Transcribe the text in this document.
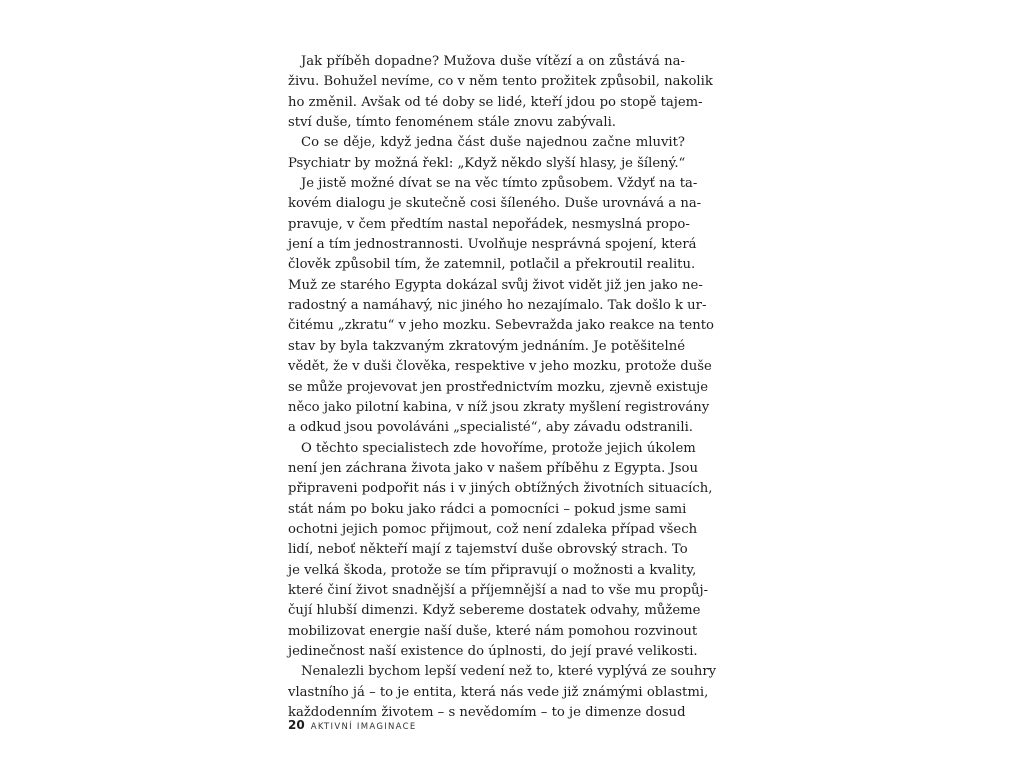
Jak příběh dopadne? Mužova duše vítězí a on zůstává na-
živu. Bohužel nevíme, co v něm tento prožitek způsobil, nakolik
ho změnil. Avšak od té doby se lidé, kteří jdou po stopě tajem-
ství duše, tímto fenoménem stále znovu zabývali.
Co se děje, když jedna část duše najednou začne mluvit?
Psychiatr by možná řekl: „Když někdo slyší hlasy, je šílený.“
Je jistě možné dívat se na věc tímto způsobem. Vždyť na ta-
kovém dialogu je skutečně cosi šíleného. Duše urovnává a na-
pravuje, v čem předtím nastal nepořádek, nesmyslná propo-
jení a tím jednostrannosti. Uvolňuje nesprávná spojení, která
člověk způsobil tím, že zatemnil, potlačil a překroutil realitu.
Muž ze starého Egypta dokázal svůj život vidět již jen jako ne-
radostný a namáhavý, nic jiného ho nezajímalo. Tak došlo k ur-
čitému „zkratu“ v jeho mozku. Sebevražda jako reakce na tento
stav by byla takzvaným zkratovým jednáním. Je potěšitelné
vědět, že v duši člověka, respektive v jeho mozku, protože duše
se může projevovat jen prostřednictvím mozku, zjevně existuje
něco jako pilotní kabina, v níž jsou zkraty myšlení registrovány
a odkud jsou povoláváni „specialisté“, aby závadu odstranili.
O těchto specialistech zde hovoříme, protože jejich úkolem
není jen záchrana života jako v našem příběhu z Egypta. Jsou
připraveni podpořit nás i v jiných obtížných životních situacích,
stát nám po boku jako rádci a pomocníci – pokud jsme sami
ochotni jejich pomoc přijmout, což není zdaleka případ všech
lidí, neboť někteří mají z tajemství duše obrovský strach. To
je velká škoda, protože se tím připravují o možnosti a kvality,
které činí život snadnější a příjemnější a nad to vše mu propůj-
čují hlubší dimenzi. Když sebereme dostatek odvahy, můžeme
mobilizovat energie naší duše, které nám pomohou rozvinout
jedinečnost naší existence do úplnosti, do její pravé velikosti.
Nenalezli bychom lepší vedení než to, které vyplývá ze souhry
vlastního já – to je entita, která nás vede již známými oblastmi,
každodenním životem – s nevědomím – to je dimenze dosud
20 AKTIVNÍ IMAGINACE
